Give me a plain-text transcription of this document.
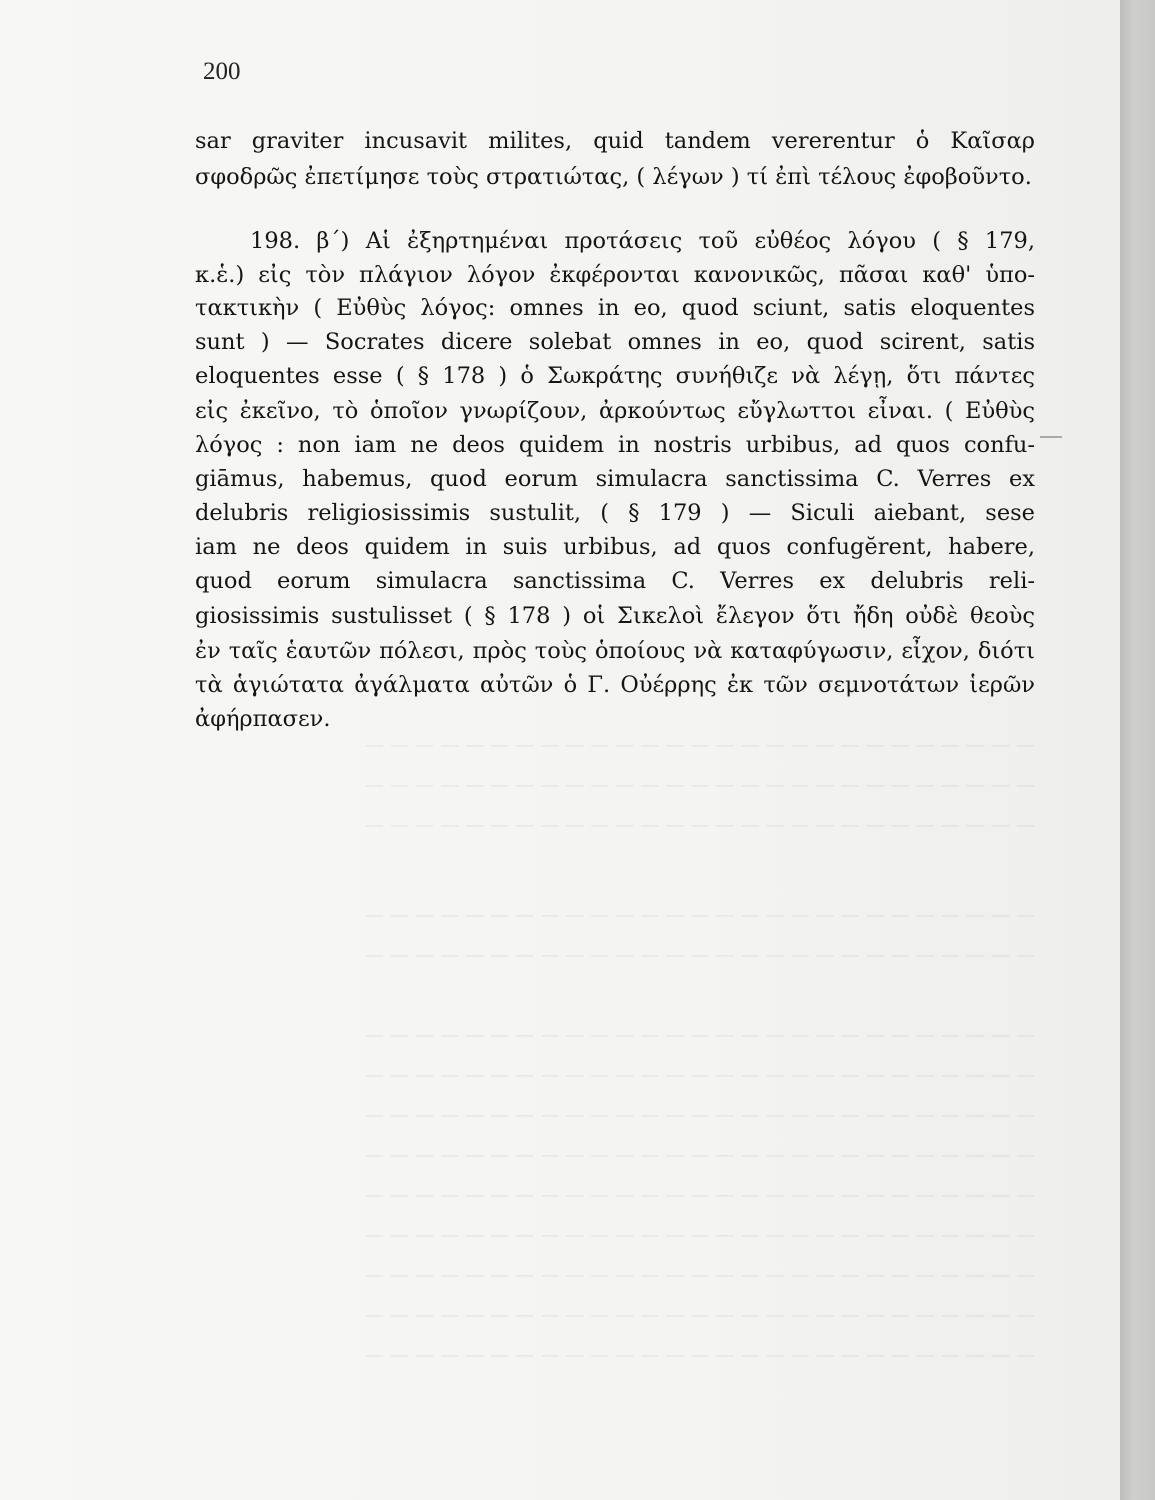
— — — — — — — — — — — — — — — — — — — — — — — — — — —
— — — — — — — — — — — — — — — — — — — — — — — — — — —
— — — — — — — — — — — — — — — — — — — — — — — — — — —
— — — — — — — — — — — — — — — — — — — — — — — — — — —
— — — — — — — — — — — — — — — — — — — — — — — — — — —
— — — — — — — — — — — — — — — — — — — — — — — — — — —
— — — — — — — — — — — — — — — — — — — — — — — — — — —
— — — — — — — — — — — — — — — — — — — — — — — — — — —
— — — — — — — — — — — — — — — — — — — — — — — — — — —
— — — — — — — — — — — — — — — — — — — — — — — — — — —
— — — — — — — — — — — — — — — — — — — — — — — — — — —
— — — — — — — — — — — — — — — — — — — — — — — — — — —
— — — — — — — — — — — — — — — — — — — — — — — — — — —
— — — — — — — — — — — — — — — — — — — — — — — — — — —
200
sar graviter incusavit milites, quid tandem vererentur ὁ Καῖσαρ
σφοδρῶς ἐπετίμησε τοὺς στρατιώτας, ( λέγων ) τί ἐπὶ τέλους ἐφοβοῦντο.
198. β΄) Αἱ ἐξηρτημέναι προτάσεις τοῦ εὐθέος λόγου ( § 179,
κ.ἑ.) εἰς τὸν πλάγιον λόγον ἐκφέρονται κανονικῶς, πᾶσαι καθ' ὑπο-
τακτικὴν ( Εὐθὺς λόγος: omnes in eo, quod sciunt, satis eloquentes
sunt ) — Socrates dicere solebat omnes in eo, quod scirent, satis
eloquentes esse ( § 178 ) ὁ Σωκράτης συνήθιζε νὰ λέγῃ, ὅτι πάντες
εἰς ἐκεῖνο, τὸ ὁποῖον γνωρίζουν, ἀρκούντως εὔγλωττοι εἶναι. ( Εὐθὺς
λόγος : non iam ne deos quidem in nostris urbibus, ad quos confu-
giāmus, habemus, quod eorum simulacra sanctissima C. Verres ex
delubris religiosissimis sustulit, ( § 179 ) — Siculi aiebant, sese
iam ne deos quidem in suis urbibus, ad quos confugĕrent, habere,
quod eorum simulacra sanctissima C. Verres ex delubris reli-
giosissimis sustulisset ( § 178 ) οἱ Σικελοὶ ἔλεγον ὅτι ἤδη οὐδὲ θεοὺς
ἐν ταῖς ἑαυτῶν πόλεσι, πρὸς τοὺς ὁποίους νὰ καταφύγωσιν, εἶχον, διότι
τὰ ἁγιώτατα ἀγάλματα αὐτῶν ὁ Γ. Οὐέρρης ἐκ τῶν σεμνοτάτων ἱερῶν
ἀφήρπασεν.
